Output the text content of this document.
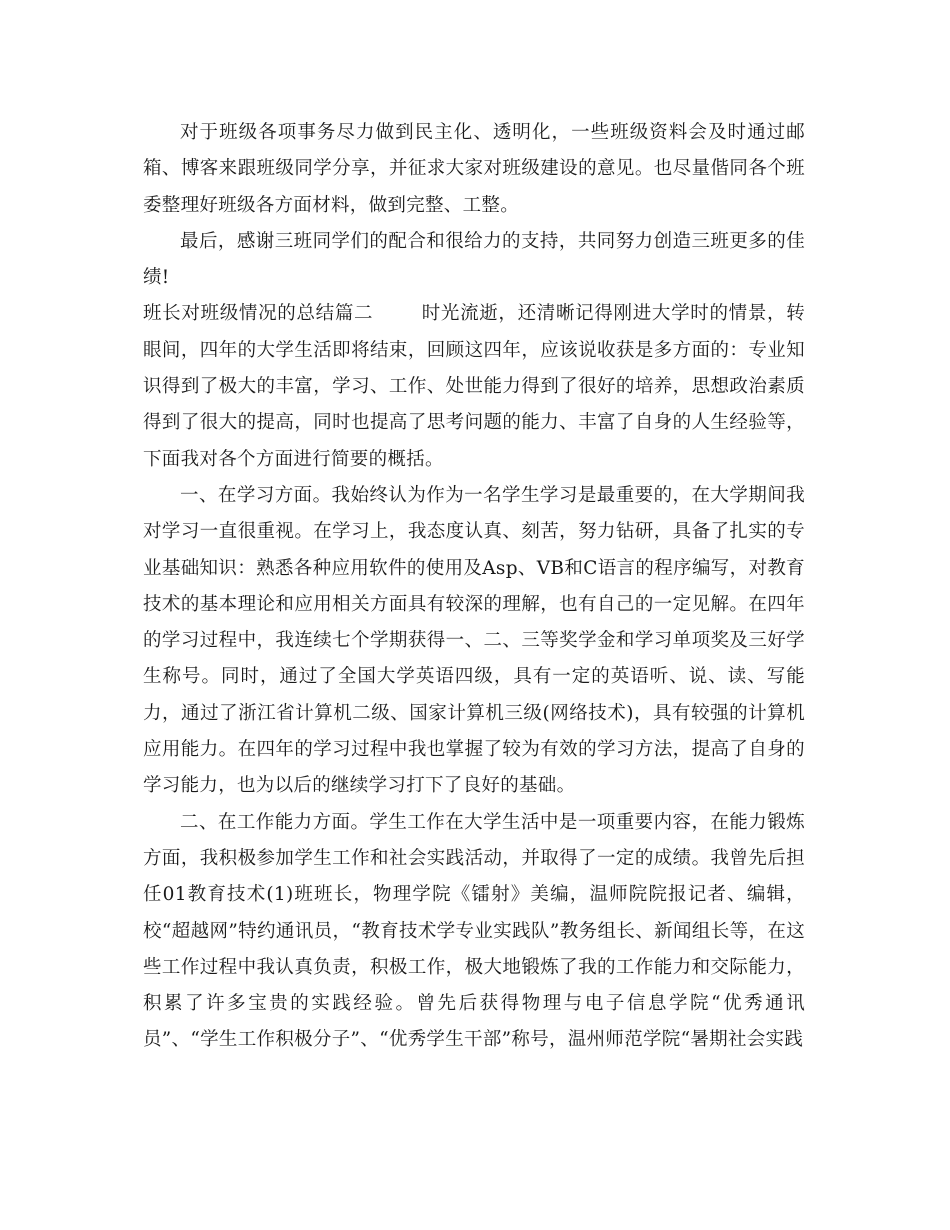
对于班级各项事务尽力做到民主化、透明化，一些班级资料会及时通过邮箱、博客来跟班级同学分享，并征求大家对班级建设的意见。也尽量偕同各个班委整理好班级各方面材料，做到完整、工整。

最后，感谢三班同学们的配合和很给力的支持，共同努力创造三班更多的佳绩!

班长对班级情况的总结篇二	时光流逝，还清晰记得刚进大学时的情景，转眼间，四年的大学生活即将结束，回顾这四年，应该说收获是多方面的：专业知识得到了极大的丰富，学习、工作、处世能力得到了很好的培养，思想政治素质得到了很大的提高，同时也提高了思考问题的能力、丰富了自身的人生经验等，下面我对各个方面进行简要的概括。

一、在学习方面。我始终认为作为一名学生学习是最重要的，在大学期间我对学习一直很重视。在学习上，我态度认真、刻苦，努力钻研，具备了扎实的专业基础知识：熟悉各种应用软件的使用及Asp、VB和C语言的程序编写，对教育技术的基本理论和应用相关方面具有较深的理解，也有自己的一定见解。在四年的学习过程中，我连续七个学期获得一、二、三等奖学金和学习单项奖及三好学生称号。同时，通过了全国大学英语四级，具有一定的英语听、说、读、写能力，通过了浙江省计算机二级、国家计算机三级(网络技术)，具有较强的计算机应用能力。在四年的学习过程中我也掌握了较为有效的学习方法，提高了自身的学习能力，也为以后的继续学习打下了良好的基础。

二、在工作能力方面。学生工作在大学生活中是一项重要内容，在能力锻炼方面，我积极参加学生工作和社会实践活动，并取得了一定的成绩。我曾先后担任01教育技术(1)班班长，物理学院《镭射》美编，温师院院报记者、编辑，校“超越网”特约通讯员，“教育技术学专业实践队”教务组长、新闻组长等，在这些工作过程中我认真负责，积极工作，极大地锻炼了我的工作能力和交际能力，积累了许多宝贵的实践经验。曾先后获得物理与电子信息学院“优秀通讯员”、“学生工作积极分子”、“优秀学生干部”称号，温州师范学院“暑期社会实践
